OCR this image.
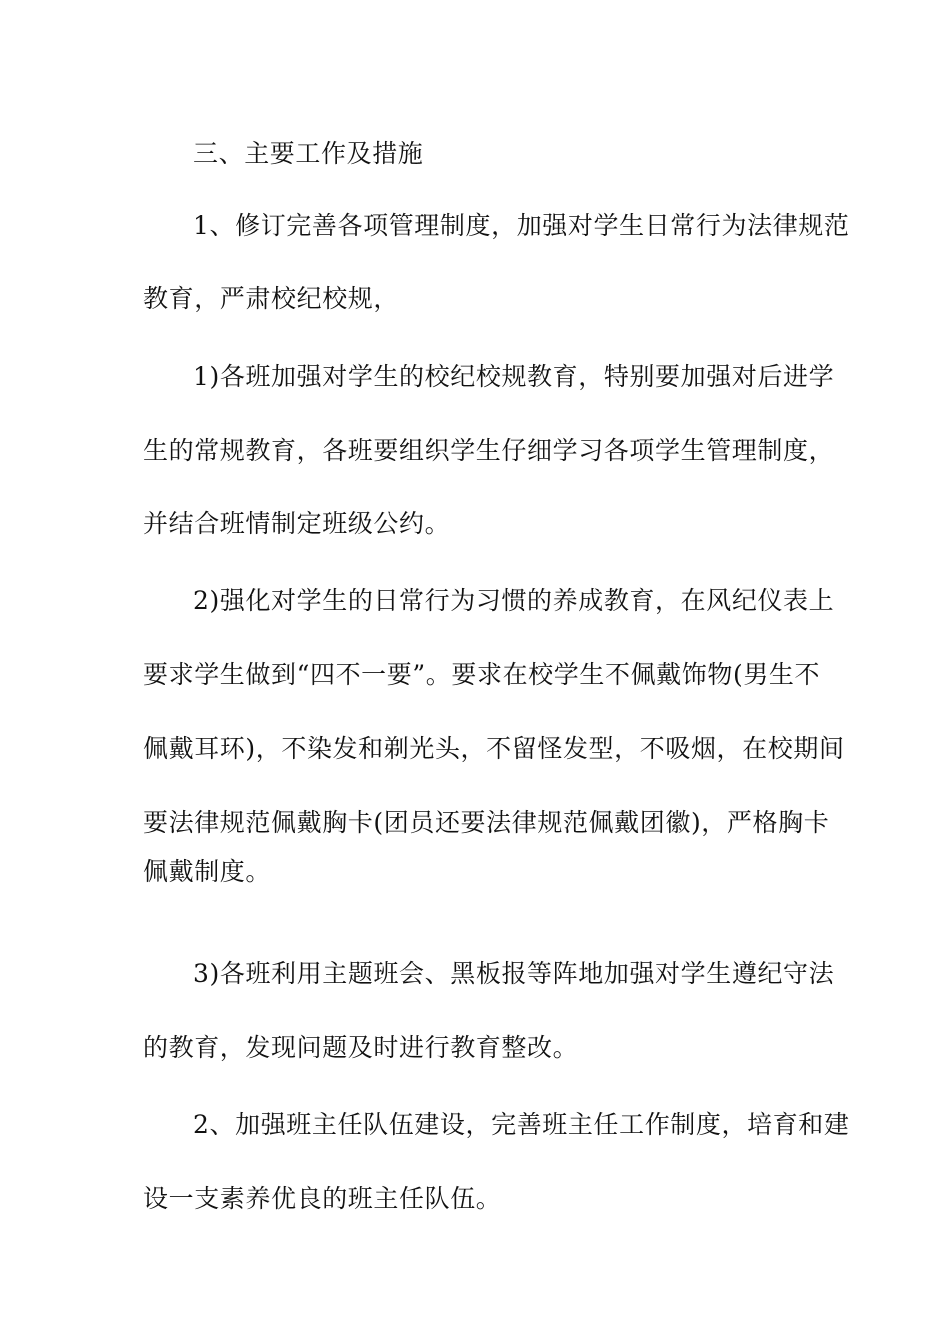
三、主要工作及措施
1、修订完善各项管理制度，加强对学生日常行为法律规范
教育，严肃校纪校规，
1)各班加强对学生的校纪校规教育，特别要加强对后进学
生的常规教育，各班要组织学生仔细学习各项学生管理制度，
并结合班情制定班级公约。
2)强化对学生的日常行为习惯的养成教育，在风纪仪表上
要求学生做到“四不一要”。要求在校学生不佩戴饰物(男生不
佩戴耳环)，不染发和剃光头，不留怪发型，不吸烟，在校期间
要法律规范佩戴胸卡(团员还要法律规范佩戴团徽)，严格胸卡
佩戴制度。
3)各班利用主题班会、黑板报等阵地加强对学生遵纪守法
的教育，发现问题及时进行教育整改。
2、加强班主任队伍建设，完善班主任工作制度，培育和建
设一支素养优良的班主任队伍。
